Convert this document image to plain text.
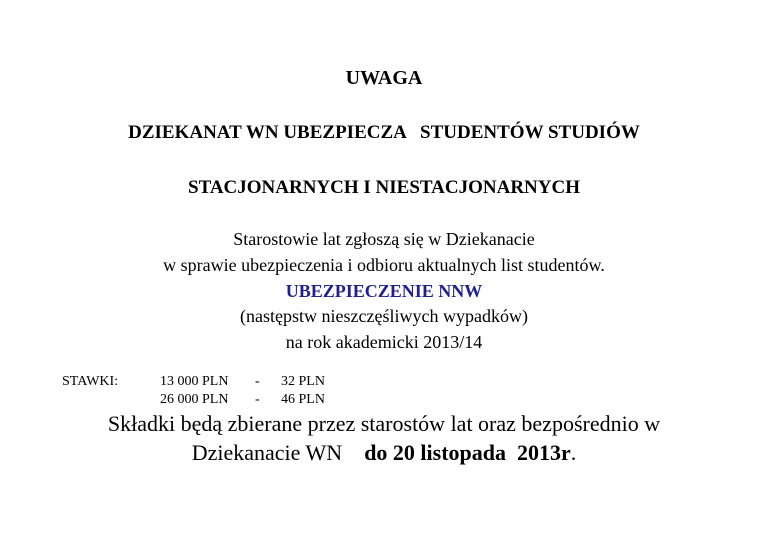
UWAGA
DZIEKANAT WN UBEZPIECZA   STUDENTÓW STUDIÓW
STACJONARNYCH I NIESTACJONARNYCH
Starostowie lat zgłoszą się w Dziekanacie
w sprawie ubezpieczenia i odbioru aktualnych list studentów.
UBEZPIECZENIE NNW
(następstw nieszczęśliwych wypadków)
na rok akademicki 2013/14
STAWKI:	13 000 PLN - 32 PLN
26 000 PLN - 46 PLN
Składki będą zbierane przez starostów lat oraz bezpośrednio w
Dziekanacie WN do 20 listopada  2013r.
